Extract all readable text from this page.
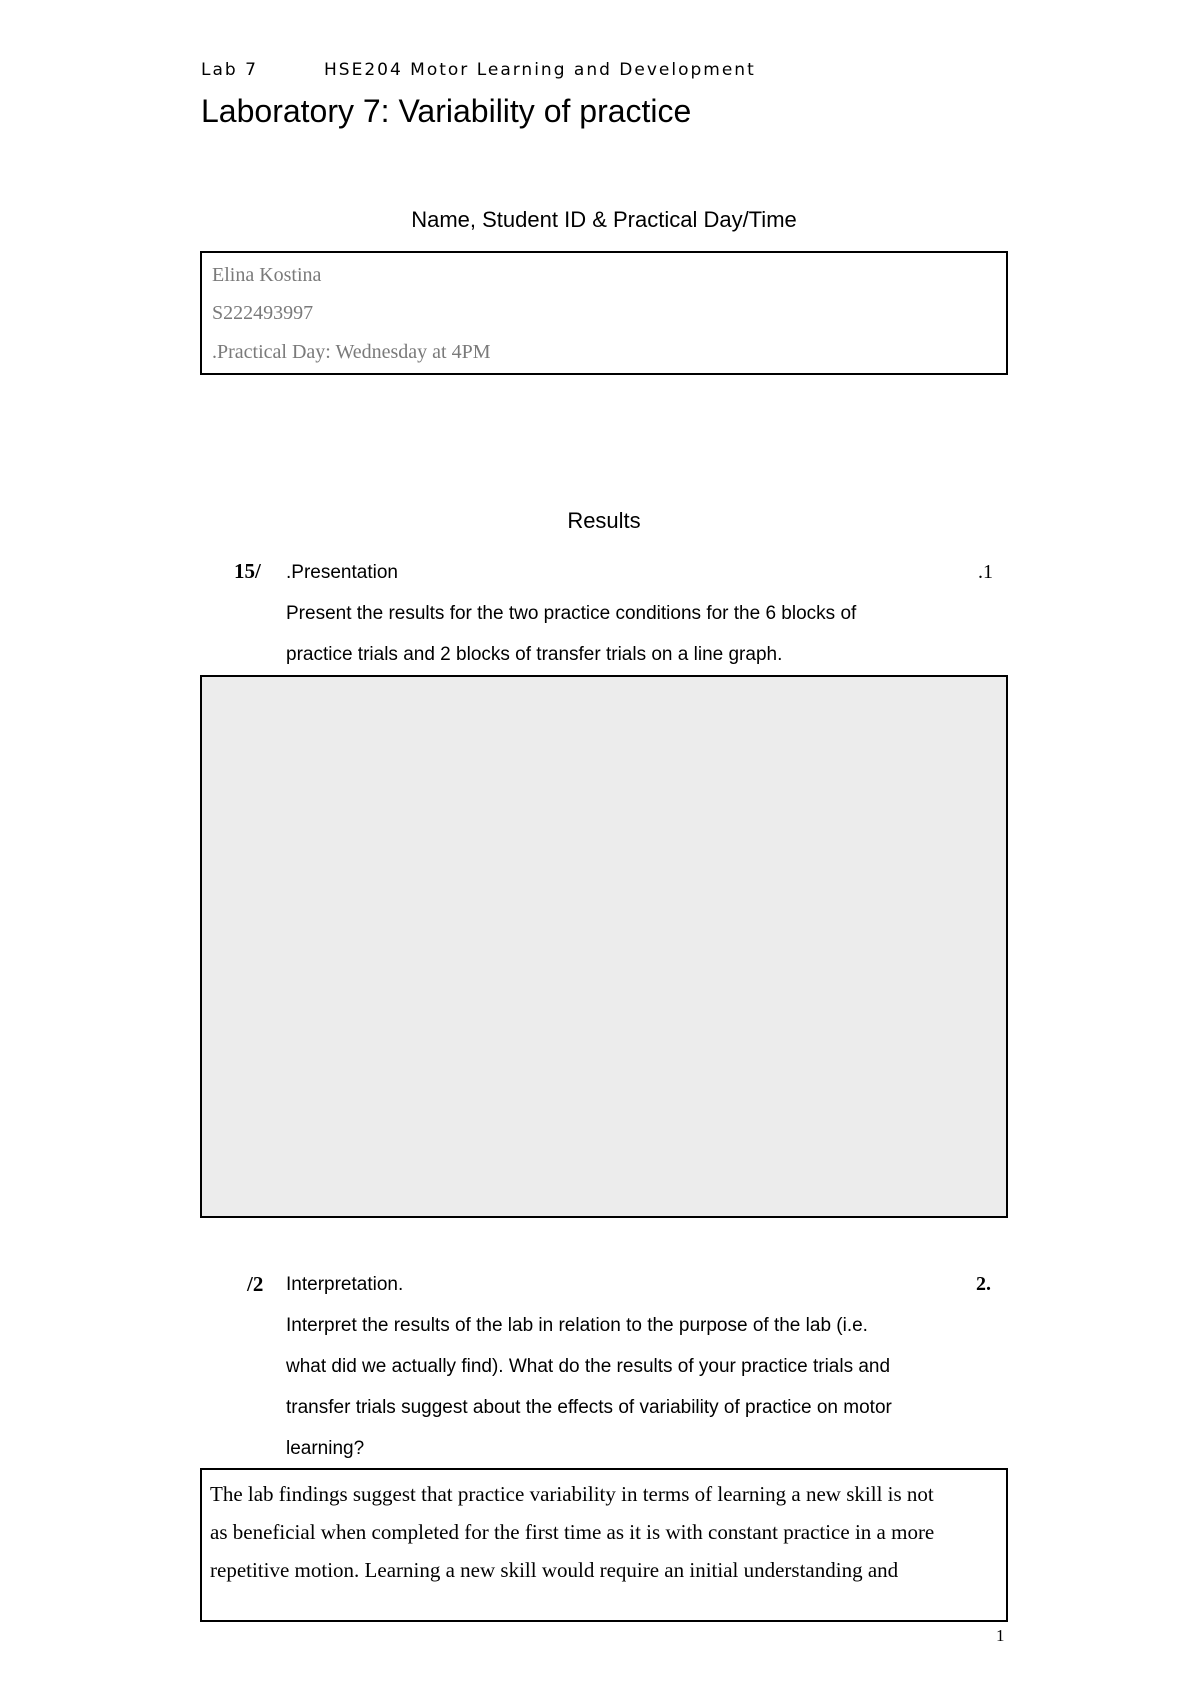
Lab 7	HSE204 Motor Learning and Development
Laboratory 7: Variability of practice
Name, Student ID & Practical Day/Time
Elina Kostina
S222493997
.Practical Day: Wednesday at 4PM
Results
15/ .Presentation	.1
Present the results for the two practice conditions for the 6 blocks of
practice trials and 2 blocks of transfer trials on a line graph.
/2 Interpretation.	2.
Interpret the results of the lab in relation to the purpose of the lab (i.e.
what did we actually find). What do the results of your practice trials and
transfer trials suggest about the effects of variability of practice on motor
learning?
The lab findings suggest that practice variability in terms of learning a new skill is not
as beneficial when completed for the first time as it is with constant practice in a more
repetitive motion. Learning a new skill would require an initial understanding and
1
